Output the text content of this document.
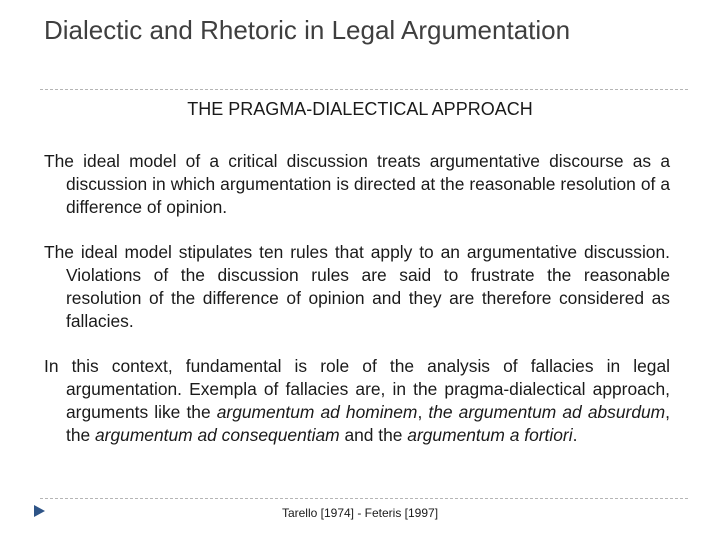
Dialectic and Rhetoric in Legal Argumentation
THE PRAGMA-DIALECTICAL APPROACH

The ideal model of a critical discussion treats argumentative discourse as a discussion in which argumentation is directed at the reasonable resolution of a difference of opinion.

The ideal model stipulates ten rules that apply to an argumentative discussion. Violations of the discussion rules are said to frustrate the reasonable resolution of the difference of opinion and they are therefore considered as fallacies.

In this context, fundamental is role of the analysis of fallacies in legal argumentation. Exempla of fallacies are, in the pragma-dialectical approach, arguments like the argumentum ad hominem, the argumentum ad absurdum, the argumentum ad consequentiam and the argumentum a fortiori.

Tarello [1974] - Feteris [1997]
